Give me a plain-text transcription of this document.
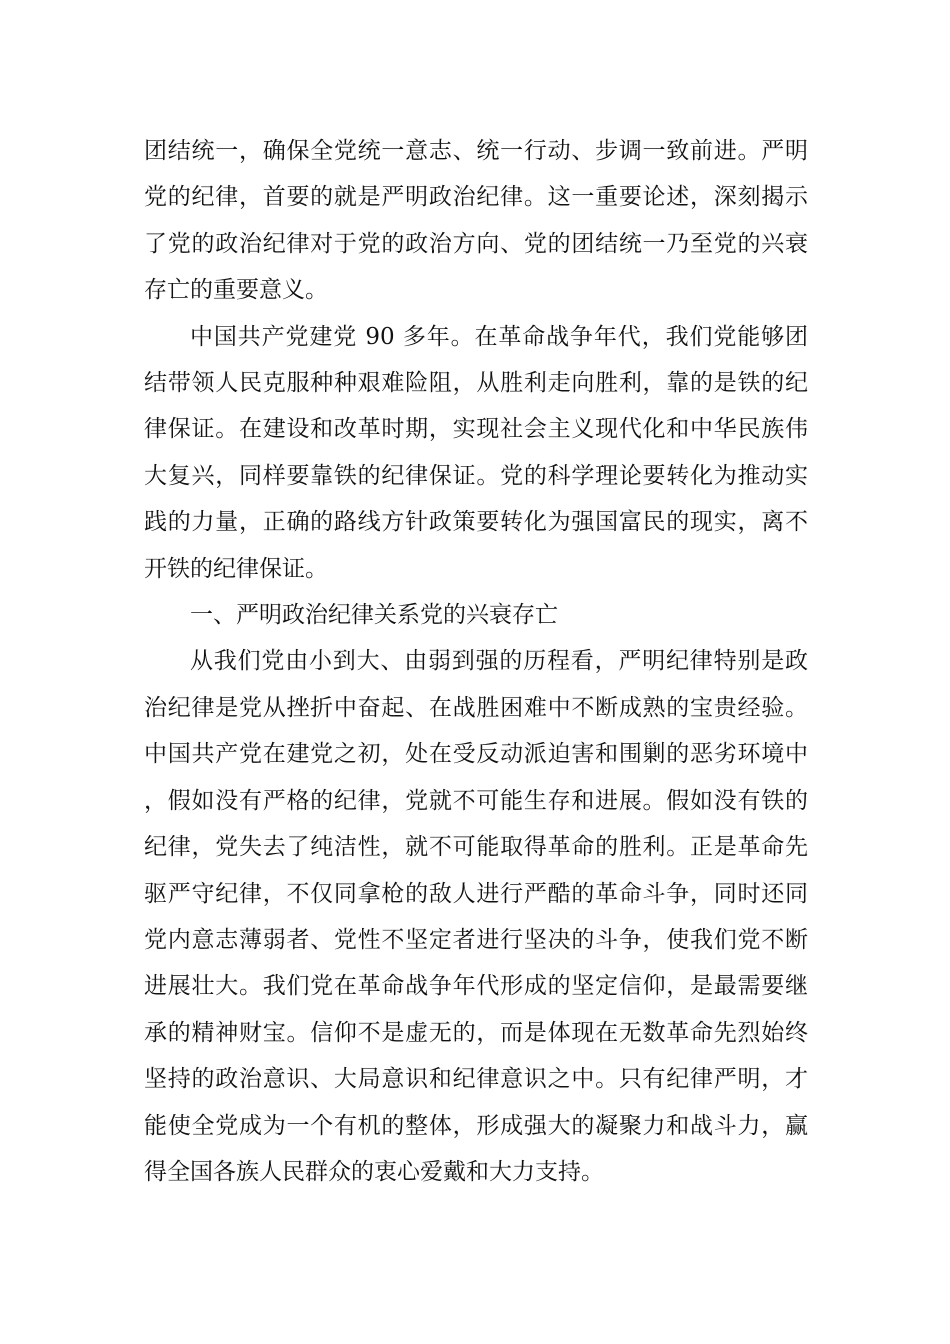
团结统一，确保全党统一意志、统一行动、步调一致前进。严明党的纪律，首要的就是严明政治纪律。这一重要论述，深刻揭示了党的政治纪律对于党的政治方向、党的团结统一乃至党的兴衰存亡的重要意义。

中国共产党建党 90 多年。在革命战争年代，我们党能够团结带领人民克服种种艰难险阻，从胜利走向胜利，靠的是铁的纪律保证。在建设和改革时期，实现社会主义现代化和中华民族伟大复兴，同样要靠铁的纪律保证。党的科学理论要转化为推动实践的力量，正确的路线方针政策要转化为强国富民的现实，离不开铁的纪律保证。

一、严明政治纪律关系党的兴衰存亡

从我们党由小到大、由弱到强的历程看，严明纪律特别是政治纪律是党从挫折中奋起、在战胜困难中不断成熟的宝贵经验。中国共产党在建党之初，处在受反动派迫害和围剿的恶劣环境中，假如没有严格的纪律，党就不可能生存和进展。假如没有铁的纪律，党失去了纯洁性，就不可能取得革命的胜利。正是革命先驱严守纪律，不仅同拿枪的敌人进行严酷的革命斗争，同时还同党内意志薄弱者、党性不坚定者进行坚决的斗争，使我们党不断进展壮大。我们党在革命战争年代形成的坚定信仰，是最需要继承的精神财宝。信仰不是虚无的，而是体现在无数革命先烈始终坚持的政治意识、大局意识和纪律意识之中。只有纪律严明，才能使全党成为一个有机的整体，形成强大的凝聚力和战斗力，赢得全国各族人民群众的衷心爱戴和大力支持。
